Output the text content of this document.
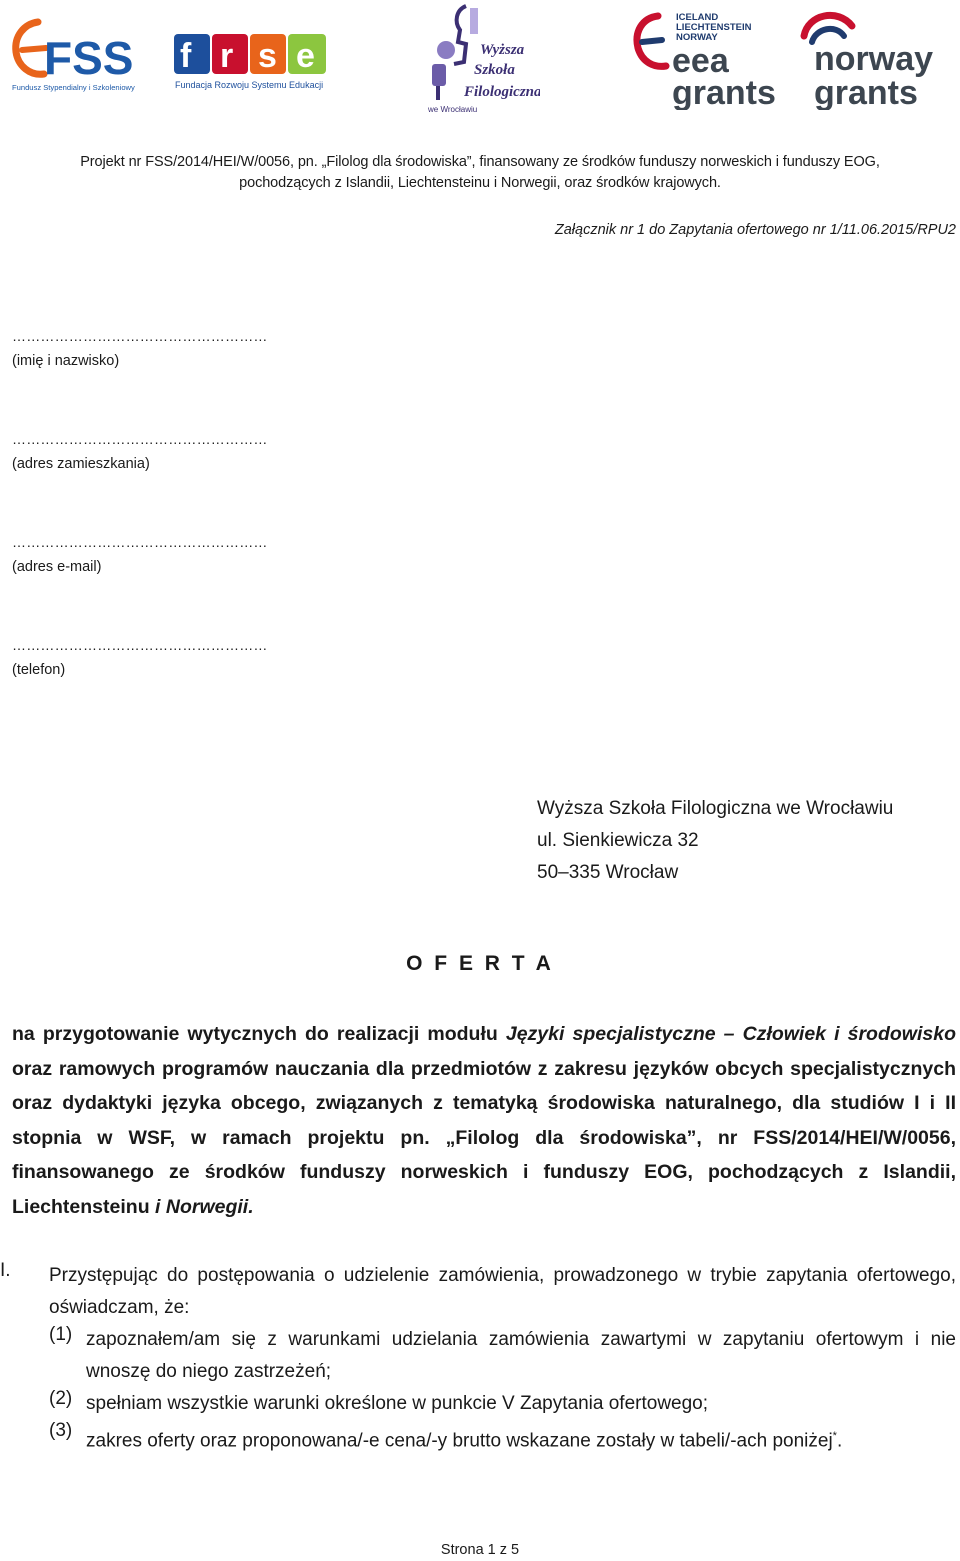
FSS
Fundusz Stypendialny i Szkoleniowy
f r s e
Fundacja Rozwoju Systemu Edukacji
Wyższa
Szkoła
Filologiczna
we Wrocławiu
ICELAND
LIECHTENSTEIN
NORWAY
eea
grants
norway
grants
Projekt nr FSS/2014/HEI/W/0056, pn. „Filolog dla środowiska”, finansowany ze środków funduszy norweskich i funduszy EOG,
pochodzących z Islandii, Liechtensteinu i Norwegii, oraz środków krajowych.
Załącznik nr 1 do Zapytania ofertowego nr 1/11.06.2015/RPU2
………………………………………………
(imię i nazwisko)
………………………………………………
(adres zamieszkania)
………………………………………………
(adres e-mail)
………………………………………………
(telefon)
Wyższa Szkoła Filologiczna we Wrocławiu
ul. Sienkiewicza 32
50–335 Wrocław
O F E R T A
na przygotowanie wytycznych do realizacji modułu Języki specjalistyczne – Człowiek i środowisko oraz ramowych programów nauczania dla przedmiotów z zakresu języków obcych specjalistycznych oraz dydaktyki języka obcego, związanych z tematyką środowiska naturalnego, dla studiów I i II stopnia w WSF, w ramach projektu pn. „Filolog dla środowiska”, nr FSS/2014/HEI/W/0056, finansowanego ze środków funduszy norweskich i funduszy EOG, pochodzących z Islandii, Liechtensteinu i Norwegii.
I. Przystępując do postępowania o udzielenie zamówienia, prowadzonego w trybie zapytania ofertowego, oświadczam, że:
(1) zapoznałem/am się z warunkami udzielania zamówienia zawartymi w zapytaniu ofertowym i nie wnoszę do niego zastrzeżeń;
(2) spełniam wszystkie warunki określone w punkcie V Zapytania ofertowego;
(3) zakres oferty oraz proponowana/-e cena/-y brutto wskazane zostały w tabeli/-ach poniżej*.
Strona 1 z 5
